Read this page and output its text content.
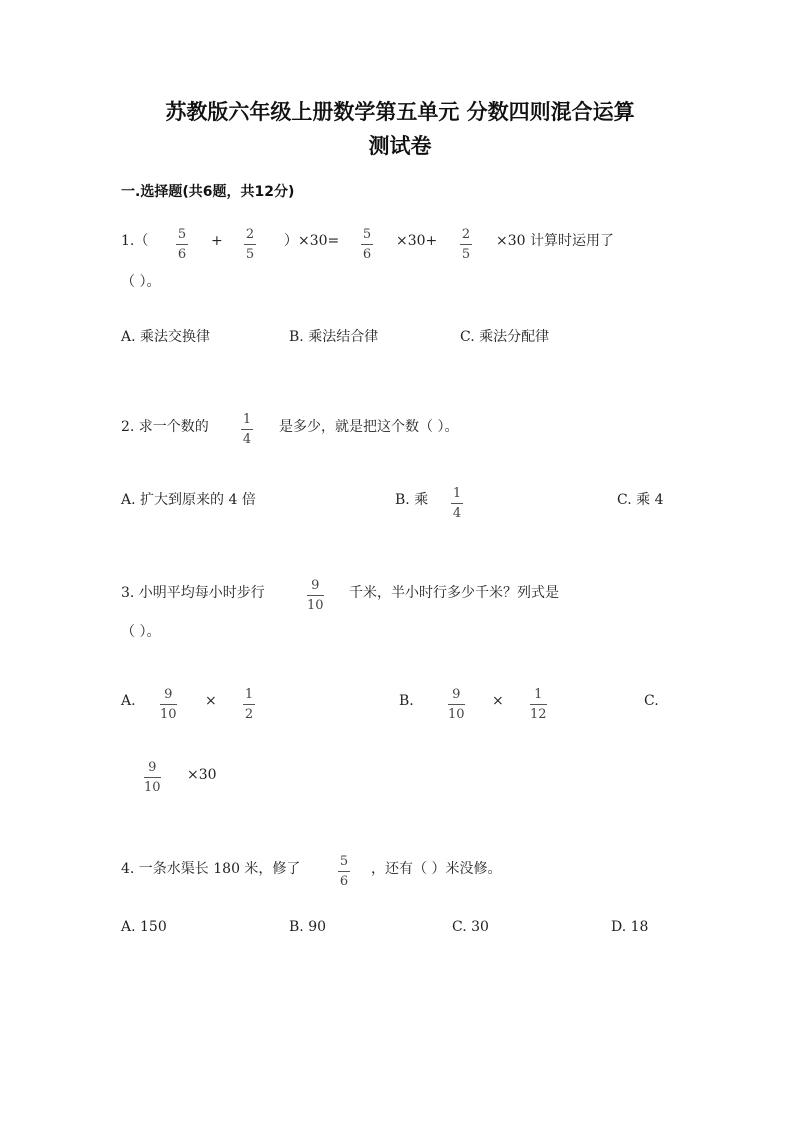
苏教版六年级上册数学第五单元 分数四则混合运算
测试卷
一.选择题(共6题，共12分)
1.（ 5
6
+ 2
5
）×30= 5
6
×30+ 2
5
×30 计算时运用了
（ ）。
A. 乘法交换律	B. 乘法结合律	C. 乘法分配律
2. 求一个数的	1
4
是多少，就是把这个数（ ）。
A. 扩大到原来的 4 倍	B. 乘 1
4
C. 乘 4
3. 小明平均每小时步行	9
10
千米，半小时行多少千米？列式是
（ ）。
A. 9
10
× 1
2
B.	9
10
× 1
12
C.
9
10
×30
4. 一条水渠长 180 米，修了	5
6
，还有（ ）米没修。
A. 150	B. 90	C. 30	D. 18
